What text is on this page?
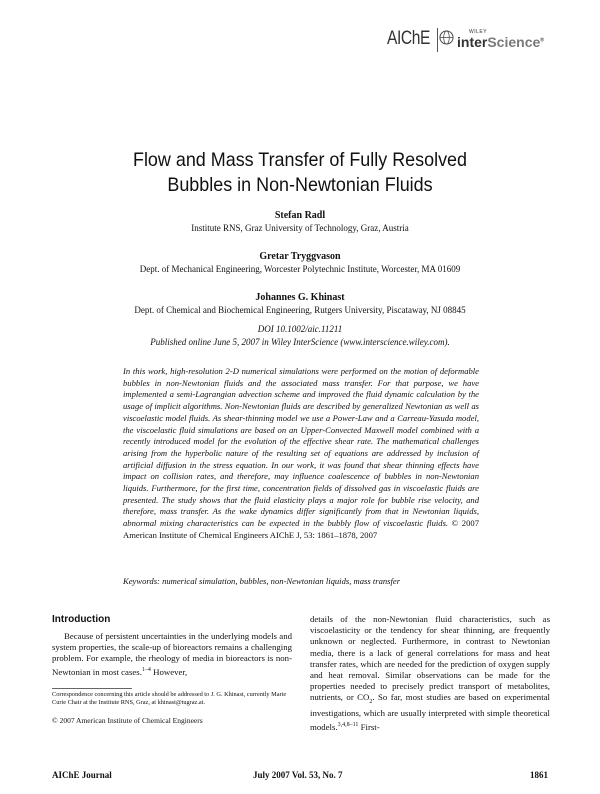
AIChE	WILEY
interScience®
Flow and Mass Transfer of Fully Resolved
Bubbles in Non-Newtonian Fluids
Stefan Radl
Institute RNS, Graz University of Technology, Graz, Austria
Gretar Tryggvason
Dept. of Mechanical Engineering, Worcester Polytechnic Institute, Worcester, MA 01609
Johannes G. Khinast
Dept. of Chemical and Biochemical Engineering, Rutgers University, Piscataway, NJ 08845
DOI 10.1002/aic.11211
Published online June 5, 2007 in Wiley InterScience (www.interscience.wiley.com).
In this work, high-resolution 2-D numerical simulations were performed on the motion of deformable bubbles in non-Newtonian fluids and the associated mass transfer. For that purpose, we have implemented a semi-Lagrangian advection scheme and improved the fluid dynamic calculation by the usage of implicit algorithms. Non-Newtonian fluids are described by generalized Newtonian as well as viscoelastic model fluids. As shear-thinning model we use a Power-Law and a Carreau-Yasuda model, the viscoelastic fluid simulations are based on an Upper-Convected Maxwell model combined with a recently introduced model for the evolution of the effective shear rate. The mathematical challenges arising from the hyperbolic nature of the resulting set of equations are addressed by inclusion of artificial diffusion in the stress equation. In our work, it was found that shear thinning effects have impact on collision rates, and therefore, may influence coalescence of bubbles in non-Newtonian liquids. Furthermore, for the first time, concentration fields of dissolved gas in viscoelastic fluids are presented. The study shows that the fluid elasticity plays a major role for bubble rise velocity, and therefore, mass transfer. As the wake dynamics differ significantly from that in Newtonian liquids, abnormal mixing characteristics can be expected in the bubbly flow of viscoelastic fluids. © 2007 American Institute of Chemical Engineers AIChE J, 53: 1861–1878, 2007
Keywords: numerical simulation, bubbles, non-Newtonian liquids, mass transfer
Introduction
Because of persistent uncertainties in the underlying models and system properties, the scale-up of bioreactors remains a challenging problem. For example, the rheology of media in bioreactors is non-Newtonian in most cases.$^{1-4}$ However,
Correspondence concerning this article should be addressed to J. G. Khinast, currently Marie Curie Chair at the Institute RNS, Graz, at khinast@tugraz.at.
© 2007 American Institute of Chemical Engineers
details of the non-Newtonian fluid characteristics, such as viscoelasticity or the tendency for shear thinning, are frequently unknown or neglected. Furthermore, in contrast to Newtonian media, there is a lack of general correlations for mass and heat transfer rates, which are needed for the prediction of oxygen supply and heat removal. Similar observations can be made for the properties needed to precisely predict transport of metabolites, nutrients, or $CO_2$. So far, most studies are based on experimental investigations, which are usually interpreted with simple theoretical models.$^{3,4,8-11}$ First-
AIChE Journal	July 2007 Vol. 53, No. 7	1861
